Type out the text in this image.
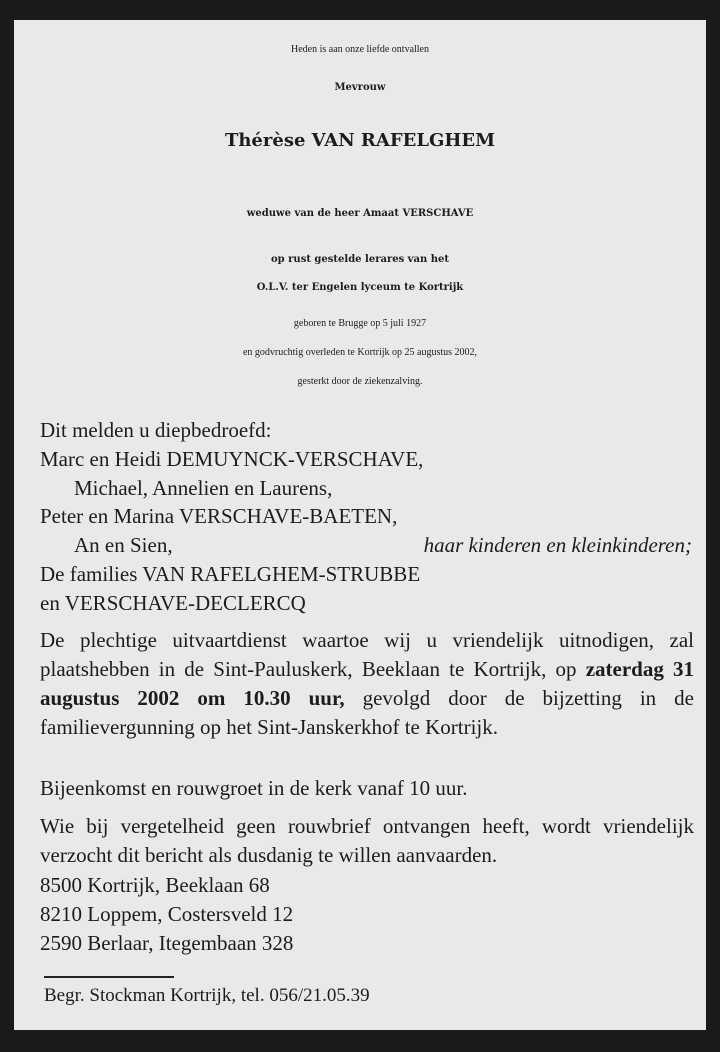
Heden is aan onze liefde ontvallen
Mevrouw
Thérèse VAN RAFELGHEM
weduwe van de heer Amaat VERSCHAVE
op rust gestelde lerares van het
O.L.V. ter Engelen lyceum te Kortrijk
geboren te Brugge op 5 juli 1927
en godvruchtig overleden te Kortrijk op 25 augustus 2002,
gesterkt door de ziekenzalving.
Dit melden u diepbedroefd:
Marc en Heidi DEMUYNCK-VERSCHAVE,
Michael, Annelien en Laurens,
Peter en Marina VERSCHAVE-BAETEN,
An en Sien,	haar kinderen en kleinkinderen;
De families VAN RAFELGHEM-STRUBBE
en VERSCHAVE-DECLERCQ
De plechtige uitvaartdienst waartoe wij u vriendelijk uitnodigen, zal plaatshebben in de Sint-Pauluskerk, Beeklaan te Kortrijk, op zaterdag 31 augustus 2002 om 10.30 uur, gevolgd door de bijzetting in de familievergunning op het Sint-Janskerkhof te Kortrijk.
Bijeenkomst en rouwgroet in de kerk vanaf 10 uur.
Wie bij vergetelheid geen rouwbrief ontvangen heeft, wordt vriendelijk verzocht dit bericht als dusdanig te willen aanvaarden.
8500 Kortrijk, Beeklaan 68
8210 Loppem, Costersveld 12
2590 Berlaar, Itegembaan 328
Begr. Stockman Kortrijk, tel. 056/21.05.39
